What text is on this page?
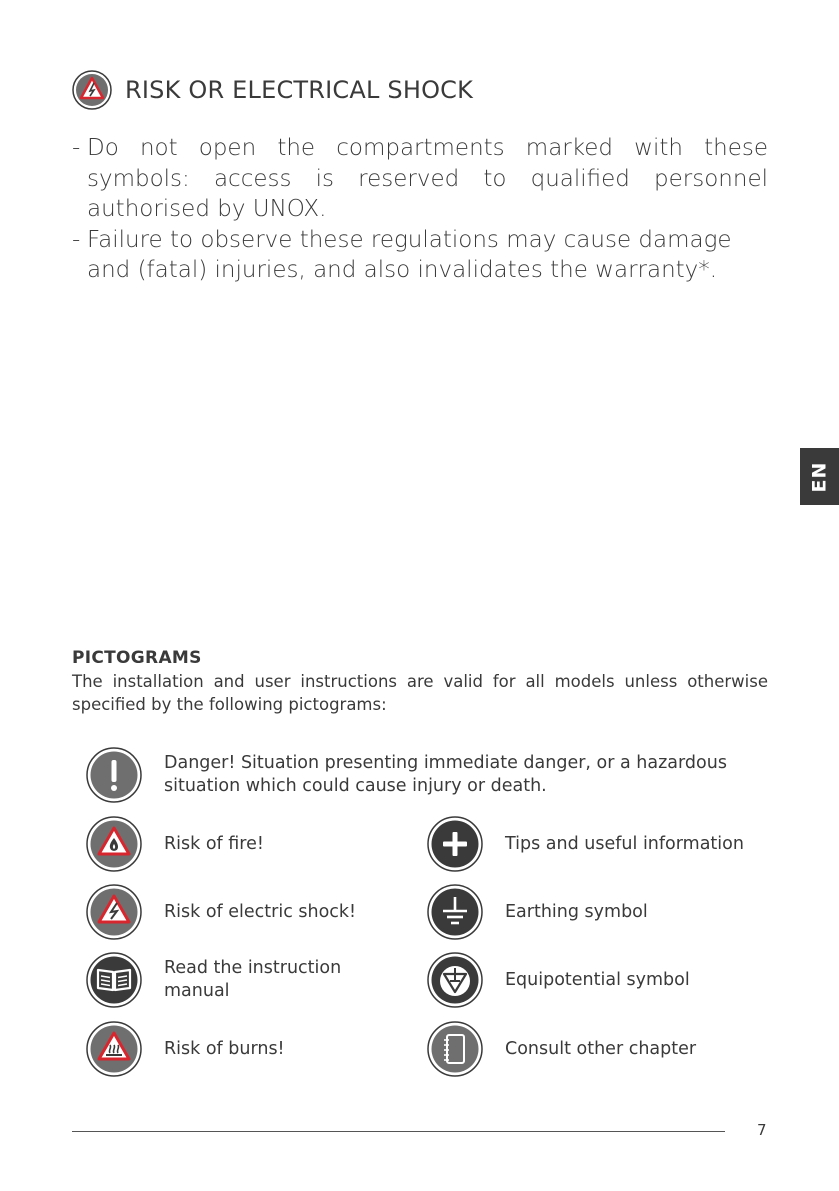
RISK OR ELECTRICAL SHOCK
- Do not open the compartments marked with these symbols: access is reserved to qualified personnel authorised by UNOX.
- Failure to observe these regulations may cause damage and (fatal) injuries, and also invalidates the warranty*.
EN
PICTOGRAMS

The installation and user instructions are valid for all models unless otherwise specified by the following pictograms:

Danger! Situation presenting immediate danger, or a hazardous situation which could cause injury or death.
Risk of fire!
Risk of electric shock!
Read the instruction manual
Risk of burns!
Tips and useful information
Earthing symbol
Equipotential symbol
Consult other chapter
7
